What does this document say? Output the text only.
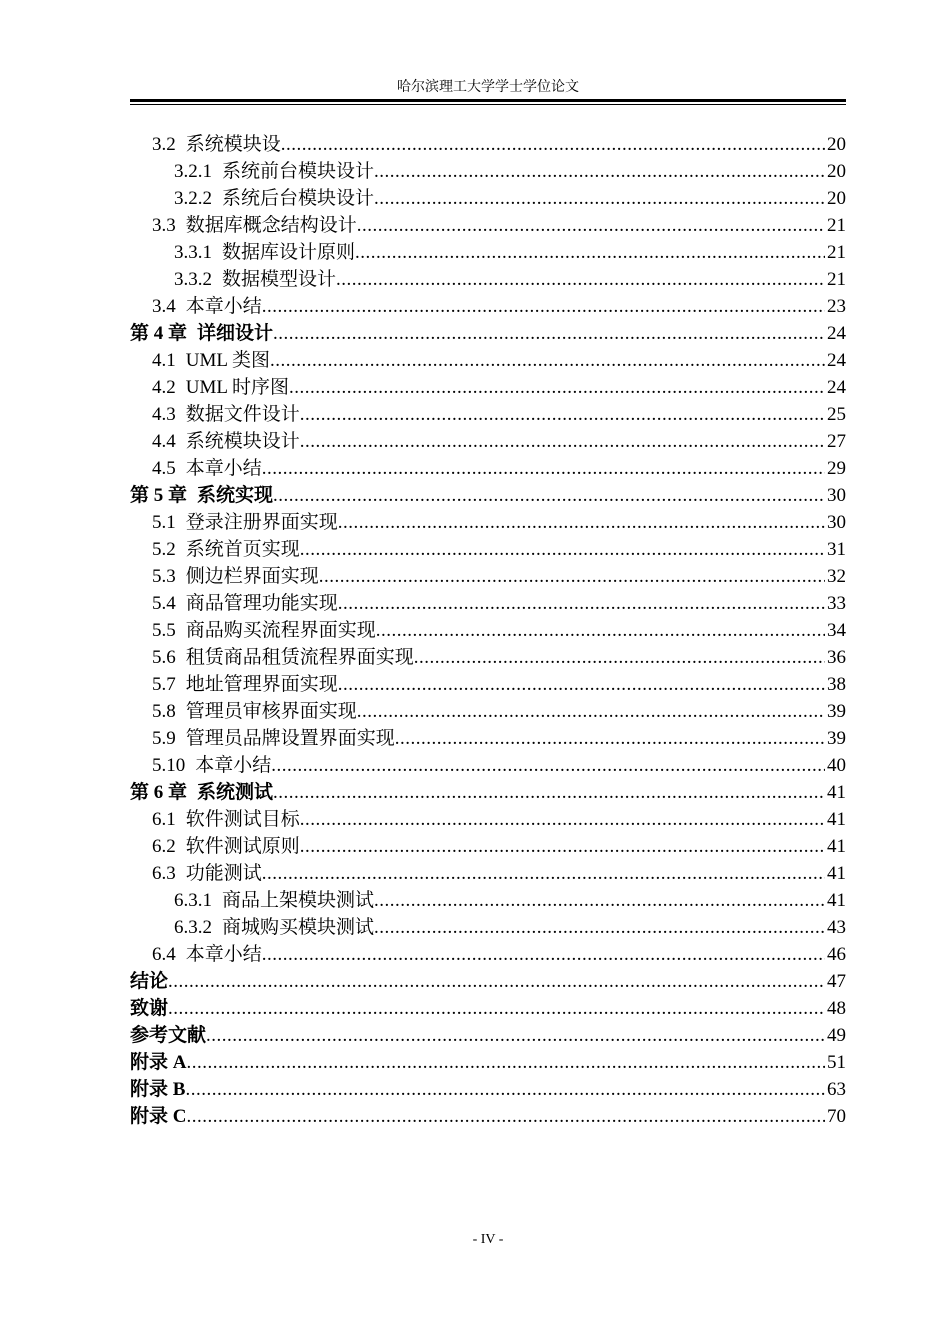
哈尔滨理工大学学士学位论文
3.2 系统模块设 .....	20
3.2.1 系统前台模块设计 .....	20
3.2.2 系统后台模块设计 .....	20
3.3 数据库概念结构设计 .....	21
3.3.1 数据库设计原则 .....	21
3.3.2 数据模型设计 .....	21
3.4 本章小结 .....	23
第 4 章 详细设计 .....	24
4.1 UML 类图 .....	24
4.2 UML 时序图 .....	24
4.3 数据文件设计 .....	25
4.4 系统模块设计 .....	27
4.5 本章小结 .....	29
第 5 章 系统实现 .....	30
5.1 登录注册界面实现 .....	30
5.2 系统首页实现 .....	31
5.3 侧边栏界面实现 .....	32
5.4 商品管理功能实现 .....	33
5.5 商品购买流程界面实现 .....	34
5.6 租赁商品租赁流程界面实现 .....	36
5.7 地址管理界面实现 .....	38
5.8 管理员审核界面实现 .....	39
5.9 管理员品牌设置界面实现 .....	39
5.10 本章小结 .....	40
第 6 章 系统测试 .....	41
6.1 软件测试目标 .....	41
6.2 软件测试原则 .....	41
6.3 功能测试 .....	41
6.3.1 商品上架模块测试 .....	41
6.3.2 商城购买模块测试 .....	43
6.4 本章小结 .....	46
结论 .....	47
致谢 .....	48
参考文献 .....	49
附录 A .....	51
附录 B .....	63
附录 C .....	70
- IV -
